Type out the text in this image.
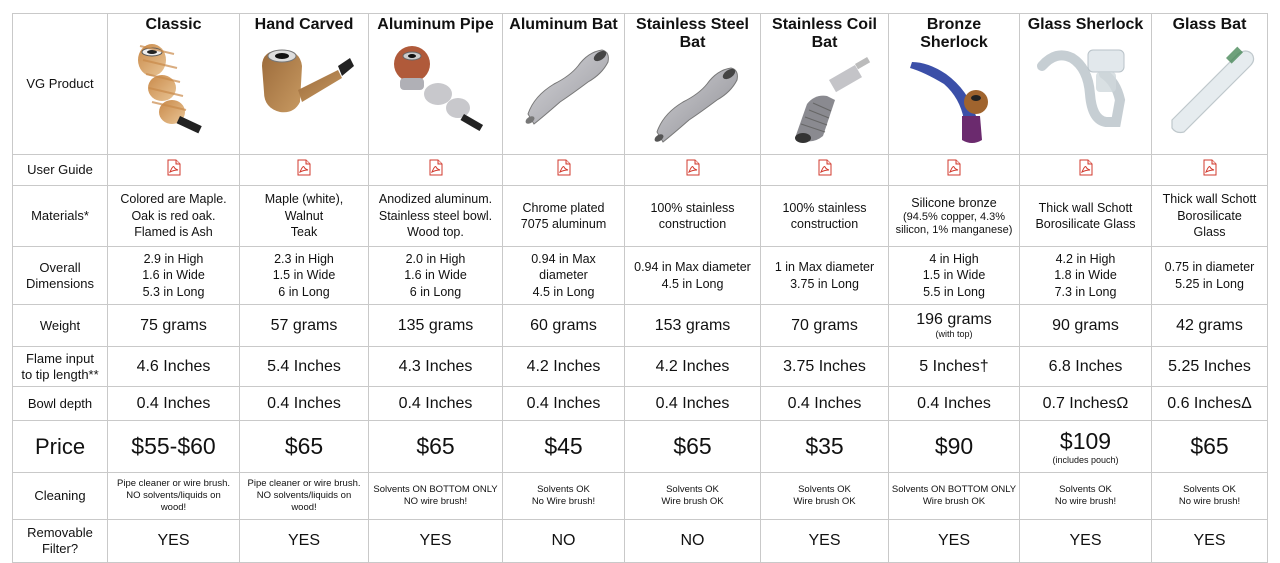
VG Product	Classic	Hand Carved	Aluminum Pipe	Aluminum Bat	Stainless Steel Bat	Stainless Coil Bat	Bronze Sherlock	Glass Sherlock	Glass Bat

User Guide	

Materials*	Colored are Maple.
Oak is red oak.
Flamed is Ash	Maple (white),
Walnut
Teak	Anodized aluminum.
Stainless steel bowl.
Wood top.	Chrome plated
7075 aluminum	100% stainless
construction	100% stainless
construction	Silicone bronze
(94.5% copper, 4.3%
silicon, 1% manganese)	Thick wall Schott
Borosilicate Glass	Thick wall Schott
Borosilicate
Glass

Overall
Dimensions	2.9 in High
1.6 in Wide
5.3 in Long	2.3 in High
1.5 in Wide
6 in Long	2.0 in High
1.6 in Wide
6 in Long	0.94 in Max
diameter
4.5 in Long	0.94 in Max diameter
4.5 in Long	1 in Max diameter
3.75 in Long	4 in High
1.5 in Wide
5.5 in Long	4.2 in High
1.8 in Wide
7.3 in Long	0.75 in diameter
5.25 in Long

Weight	75 grams	57 grams	135 grams	60 grams	153 grams	70 grams	196 grams
(with top)	90 grams	42 grams

Flame input
to tip length**	4.6 Inches	5.4 Inches	4.3 Inches	4.2 Inches	4.2 Inches	3.75 Inches	5 Inches†	6.8 Inches	5.25 Inches
Bowl depth	0.4 Inches	0.4 Inches	0.4 Inches	0.4 Inches	0.4 Inches	0.4 Inches	0.4 Inches	0.7 InchesΩ	0.6 InchesΔ
Price	$55-$60	$65	$65	$45	$65	$35	$90	$109
(includes pouch)	$65

Cleaning	Pipe cleaner or wire brush.
NO solvents/liquids on
wood!	Pipe cleaner or wire brush.
NO solvents/liquids on
wood!	Solvents ON BOTTOM ONLY
NO wire brush!	Solvents OK
No Wire brush!	Solvents OK
Wire brush OK	Solvents OK
Wire brush OK	Solvents ON BOTTOM ONLY
Wire brush OK	Solvents OK
No wire brush!	Solvents OK
No wire brush!

Removable
Filter?	YES	YES	YES	NO	NO	YES	YES	YES	YES
